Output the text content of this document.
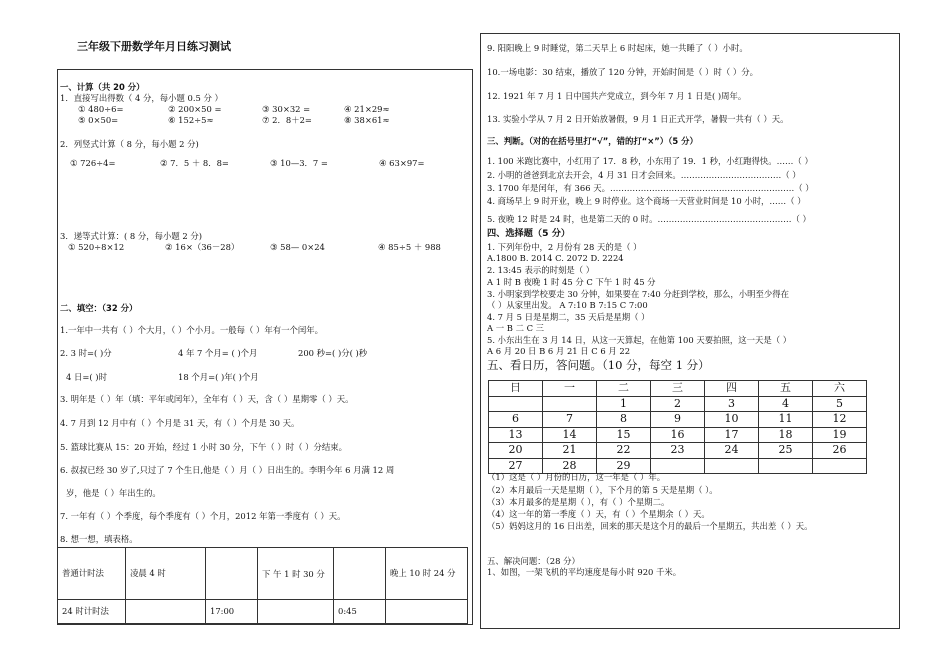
三年级下册数学年月日练习测试
一、计算（共 20 分）
1．直接写出得数（ 4 分，每小题 0.5 分 ）
① 480÷6=	② 200×50 =	③ 30×32 =	④ 21×29≈
⑤ 0×50=	⑥ 152÷5≈	⑦ 2．8＋2=	⑧ 38×61≈
2．列竖式计算（ 8 分，每小题 2 分)
① 726÷4=	② 7．5 ＋ 8．8=	③ 10—3．7 =	④ 63×97=
3．递等式计算：( 8 分，每小题 2 分)
① 520÷8×12	② 16×（36－28）	③ 58— 0×24	④ 85÷5 ＋ 988
二、填空：（32 分）
1.一年中一共有（ ）个大月，（ ）个小月。一般每（ ）年有一个闰年。
2. 3 时=( )分	4 年 7 个月= ( )个月	200 秒=( )分( )秒
4 日=( )时	18 个月=( )年( )个月
3. 明年是（ ）年（填：平年或闰年），全年有（ ）天，含（ ）星期零（ ）天。
4. 7 月到 12 月中有（ ）个月是 31 天，有（ ）个月是 30 天。
5. 篮球比赛从 15：20 开始，经过 1 小时 30 分，下午（ ）时（ ）分结束。
6. 叔叔已经 30 岁了,只过了 7 个生日,他是（ ）月（ ）日出生的。李明今年 6 月满 12 周
岁，他是（ ）年出生的。
7. 一年有（ ）个季度，每个季度有（ ）个月，2012 年第一季度有（ ）天。
8. 想一想，填表格。
普通计时法	凌晨 4 时		下 午 1 时 30 分		晚上 10 时 24 分
24 时计时法		17:00		0:45	
9. 阳阳晚上 9 时睡觉，第二天早上 6 时起床，她一共睡了（ ）小时。
10.一场电影：30 结束，播放了 120 分钟，开始时间是（ ）时（ ）分。
12. 1921 年 7 月 1 日中国共产党成立，到今年 7 月 1 日是( )周年。
13. 实验小学从 7 月 2 日开始放暑假，9 月 1 日正式开学，暑假一共有（ ）天。
三、判断。（对的在括号里打“√”，错的打“×”）（5 分）
1. 100 米跑比赛中，小红用了 17．8 秒，小东用了 19．1 秒，小红跑得快。……（ ）
2. 小明的爸爸到北京去开会，4 月 31 日才会回来。………………………………（ ）
3. 1700 年是闰年，有 366 天。…………………………………………………………（ ）
4. 商场早上 9 时开业，晚上 9 时停业。这个商场一天营业时间是 10 小时，……（ ）
5. 夜晚 12 时是 24 时，也是第二天的 0 时。…………………………………………（ ）
四、选择题（5 分）
1. 下列年份中，2 月份有 28 天的是（ ）
A.1800 B. 2014 C. 2072 D. 2224
2. 13:45 表示的时刻是（ ）
A 1 时 B 夜晚 1 时 45 分 C 下午 1 时 45 分
3. 小明家到学校要走 30 分钟，如果要在 7:40 分赶到学校，那么，小明至少得在
（ ）从家里出发。 A 7:10 B 7:15 C 7:00
4. 7 月 5 日是星期二，35 天后是星期（ ）
A 一 B 二 C 三
5. 小东出生在 3 月 14 日，从这一天算起，在他第 100 天要拍照，这一天是（ ）
A 6 月 20 日 B 6 月 21 日 C 6 月 22
五、看日历，答问题。（10 分，每空 1 分）
日	一	二	三	四	五	六
		1	2	3	4	5
6	7	8	9	10	11	12
13	14	15	16	17	18	19
20	21	22	23	24	25	26
27	28	29				
（1）这是（ ）月份的日历，这一年是（ ）年。
（2）本月最后一天是星期（ ），下个月的第 5 天是星期（ ）。
（3）本月最多的是星期（ ），有（ ）个星期二。
（4）这一年的第一季度（ ）天，有（ ）个星期余（ ）天。
（5）妈妈这月的 16 日出差，回来的那天是这个月的最后一个星期五，共出差（ ）天。
五、解决问题：（28 分）
1、如图，一架飞机的平均速度是每小时 920 千米。
